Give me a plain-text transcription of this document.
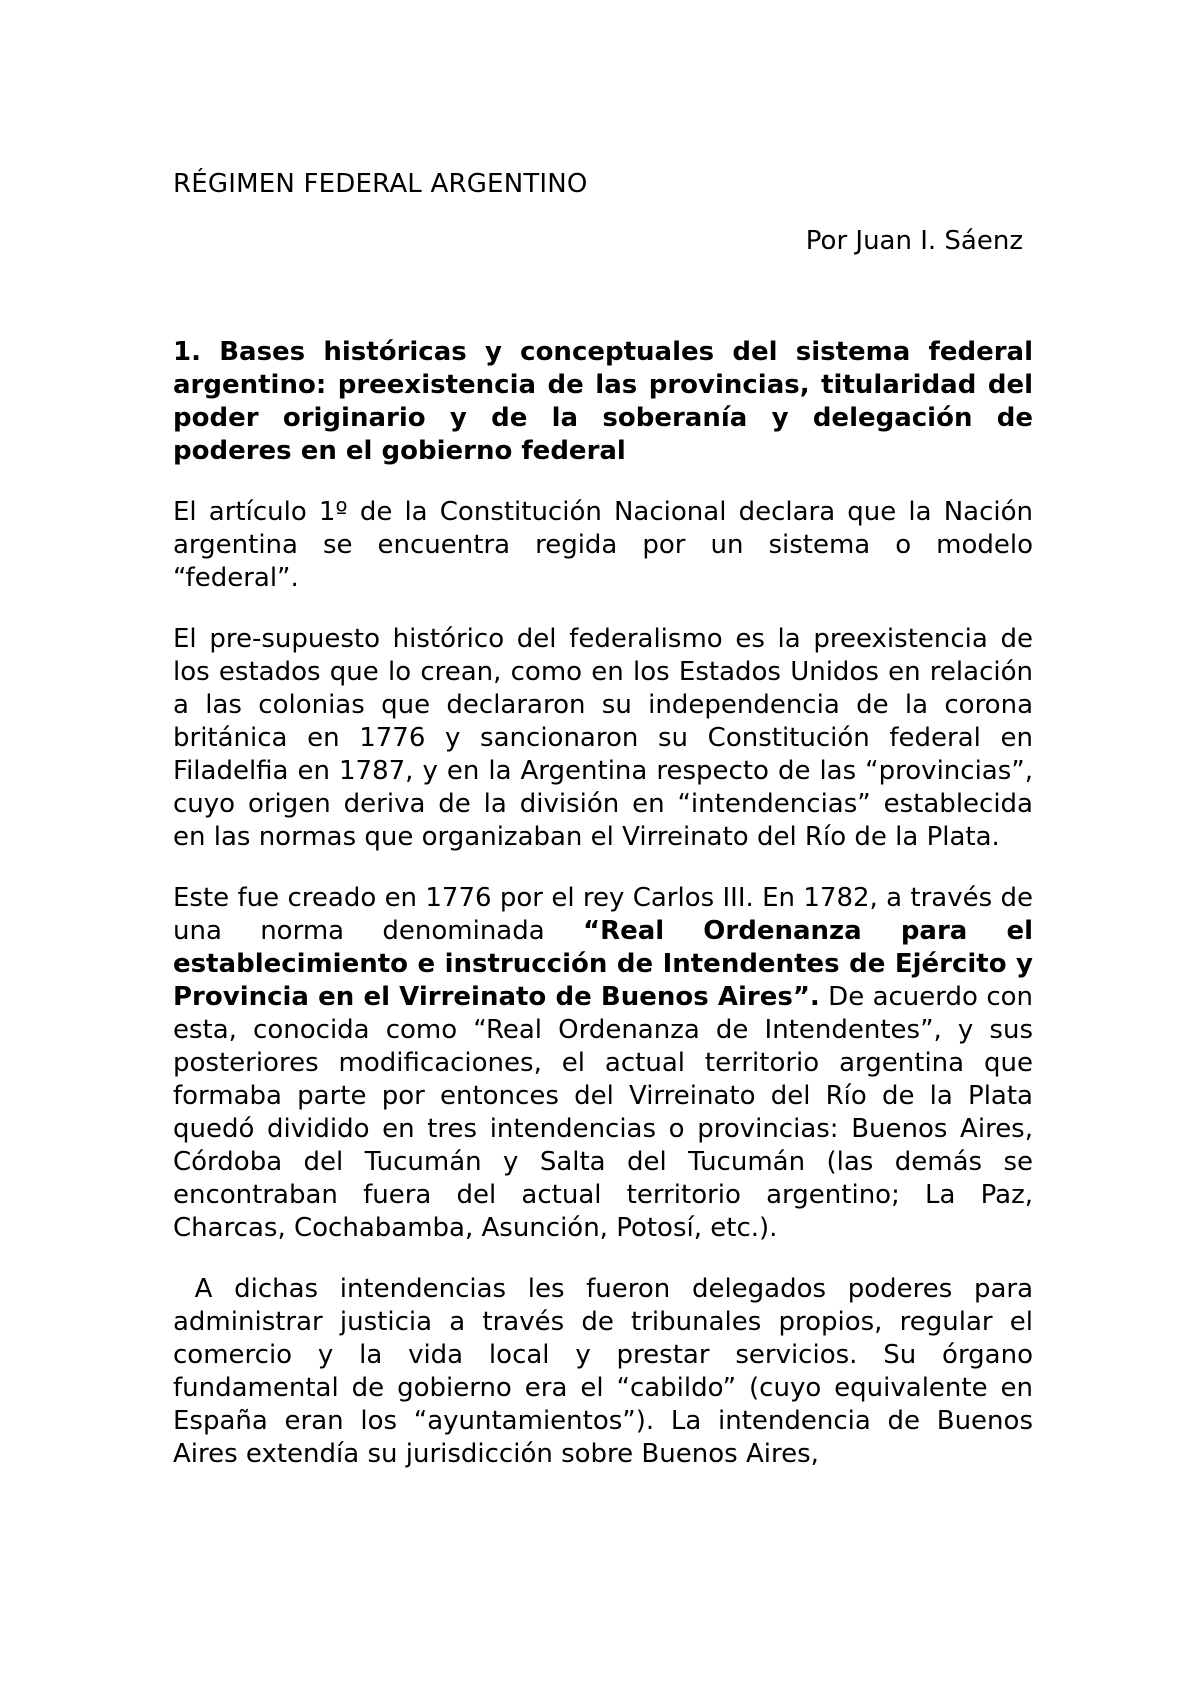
RÉGIMEN FEDERAL ARGENTINO
Por Juan I. Sáenz
1. Bases históricas y conceptuales del sistema federal argentino: preexistencia de las provincias, titularidad del poder originario y de la soberanía y delegación de poderes en el gobierno federal

El artículo 1º de la Constitución Nacional declara que la Nación argentina se encuentra regida por un sistema o modelo “federal”.

El pre-supuesto histórico del federalismo es la preexistencia de los estados que lo crean, como en los Estados Unidos en relación a las colonias que declararon su independencia de la corona británica en 1776 y sancionaron su Constitución federal en Filadelfia en 1787, y en la Argentina respecto de las “provincias”, cuyo origen deriva de la división en “intendencias” establecida en las normas que organizaban el Virreinato del Río de la Plata.

Este fue creado en 1776 por el rey Carlos III. En 1782, a través de una norma denominada “Real Ordenanza para el establecimiento e instrucción de Intendentes de Ejército y Provincia en el Virreinato de Buenos Aires”. De acuerdo con esta, conocida como “Real Ordenanza de Intendentes”, y sus posteriores modificaciones, el actual territorio argentina que formaba parte por entonces del Virreinato del Río de la Plata quedó dividido en tres intendencias o provincias: Buenos Aires, Córdoba del Tucumán y Salta del Tucumán (las demás se encontraban fuera del actual territorio argentino; La Paz, Charcas, Cochabamba, Asunción, Potosí, etc.).

A dichas intendencias les fueron delegados poderes para administrar justicia a través de tribunales propios, regular el comercio y la vida local y prestar servicios. Su órgano fundamental de gobierno era el “cabildo” (cuyo equivalente en España eran los “ayuntamientos”). La intendencia de Buenos Aires extendía su jurisdicción sobre Buenos Aires,
